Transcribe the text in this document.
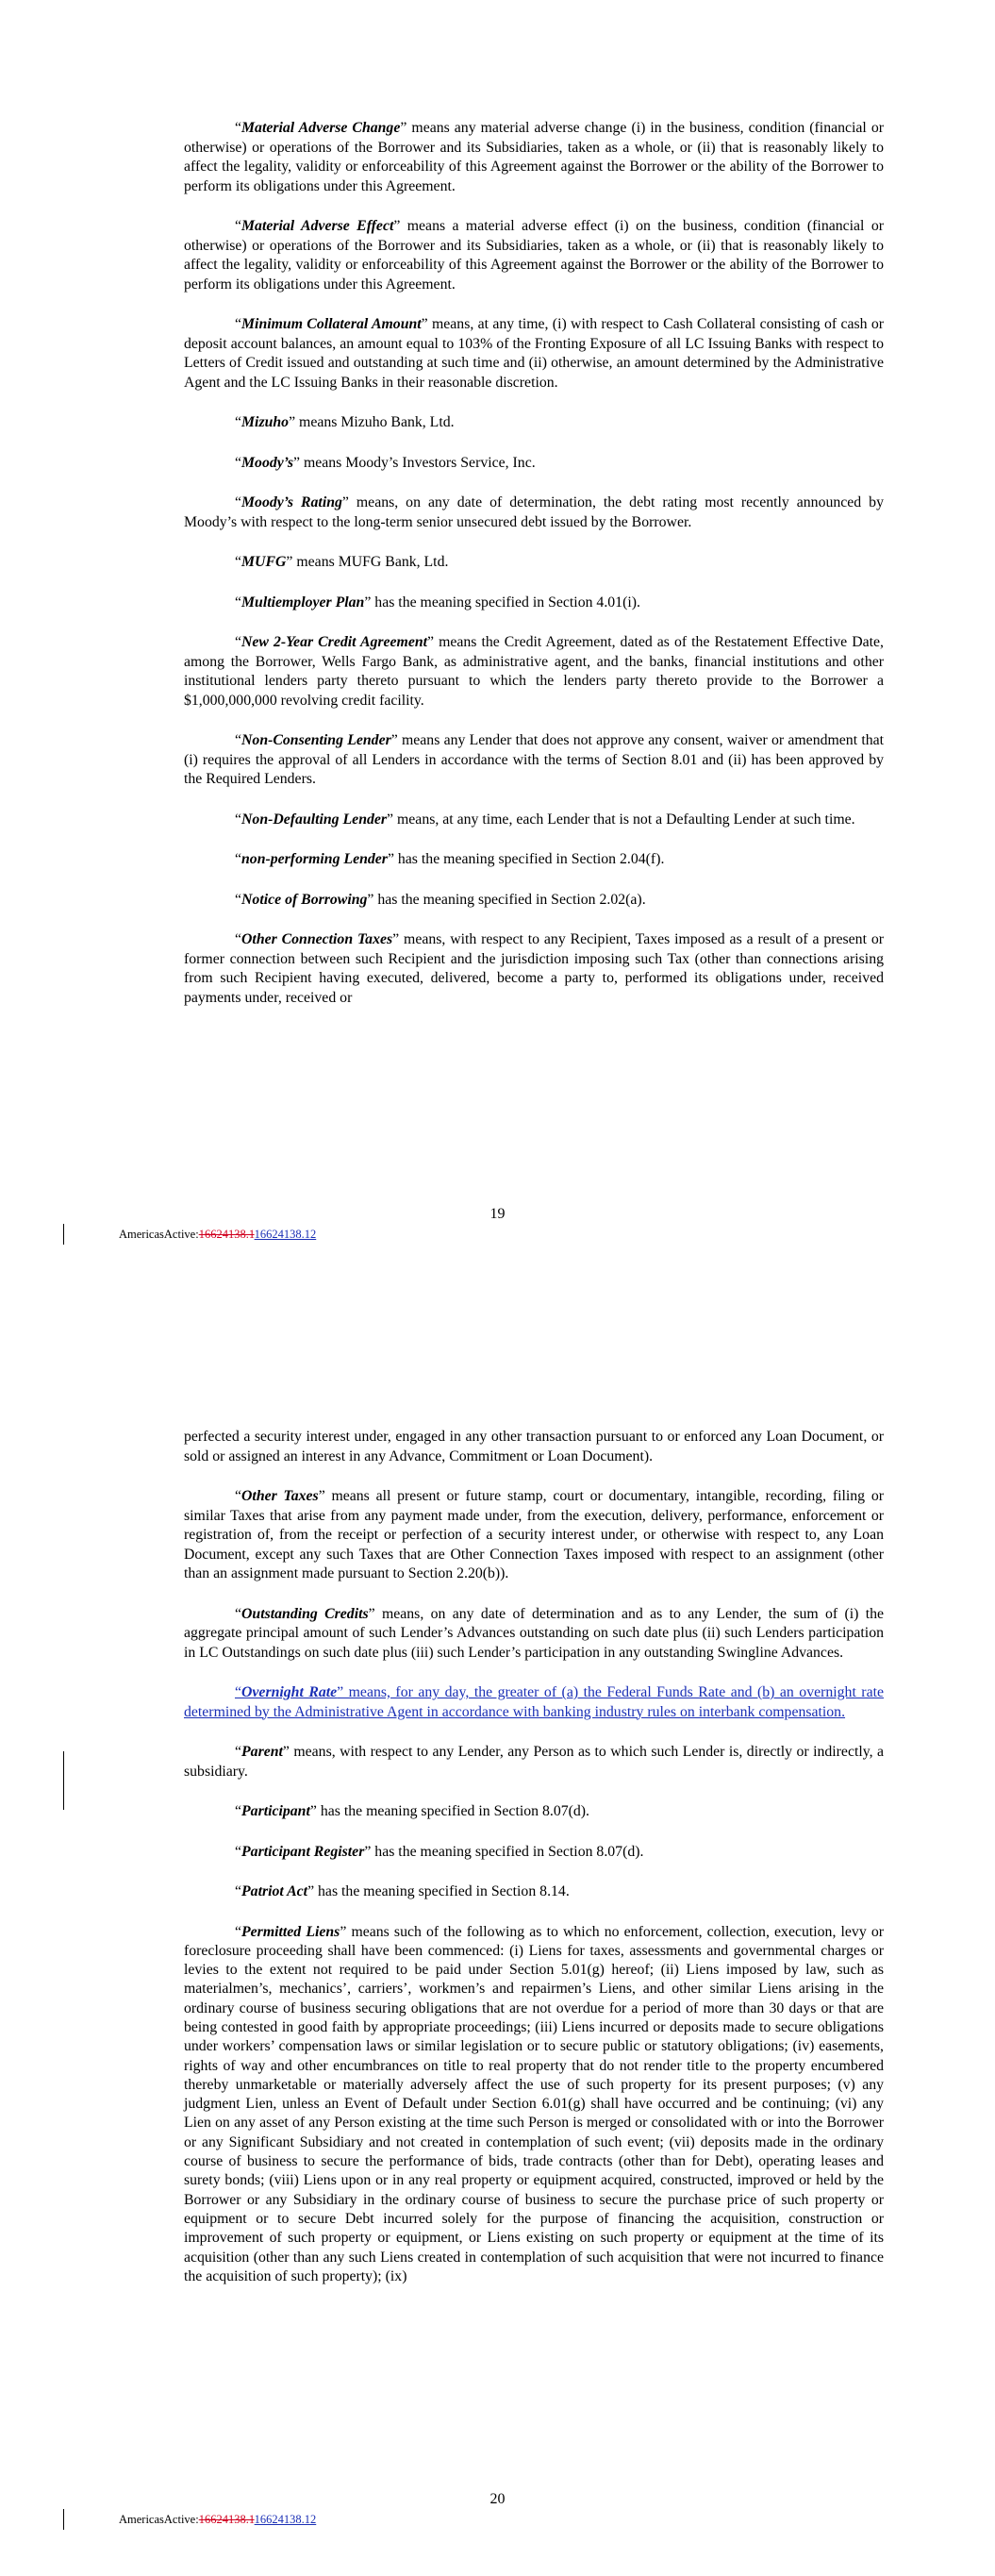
“Material Adverse Change” means any material adverse change (i) in the business, condition (financial or otherwise) or operations of the Borrower and its Subsidiaries, taken as a whole, or (ii) that is reasonably likely to affect the legality, validity or enforceability of this Agreement against the Borrower or the ability of the Borrower to perform its obligations under this Agreement.

“Material Adverse Effect” means a material adverse effect (i) on the business, condition (financial or otherwise) or operations of the Borrower and its Subsidiaries, taken as a whole, or (ii) that is reasonably likely to affect the legality, validity or enforceability of this Agreement against the Borrower or the ability of the Borrower to perform its obligations under this Agreement.

“Minimum Collateral Amount” means, at any time, (i) with respect to Cash Collateral consisting of cash or deposit account balances, an amount equal to 103% of the Fronting Exposure of all LC Issuing Banks with respect to Letters of Credit issued and outstanding at such time and (ii) otherwise, an amount determined by the Administrative Agent and the LC Issuing Banks in their reasonable discretion.

“Mizuho” means Mizuho Bank, Ltd.

“Moody’s” means Moody’s Investors Service, Inc.

“Moody’s Rating” means, on any date of determination, the debt rating most recently announced by Moody’s with respect to the long-term senior unsecured debt issued by the Borrower.

“MUFG” means MUFG Bank, Ltd.

“Multiemployer Plan” has the meaning specified in Section 4.01(i).

“New 2-Year Credit Agreement” means the Credit Agreement, dated as of the Restatement Effective Date, among the Borrower, Wells Fargo Bank, as administrative agent, and the banks, financial institutions and other institutional lenders party thereto pursuant to which the lenders party thereto provide to the Borrower a $1,000,000,000 revolving credit facility.

“Non-Consenting Lender” means any Lender that does not approve any consent, waiver or amendment that (i) requires the approval of all Lenders in accordance with the terms of Section 8.01 and (ii) has been approved by the Required Lenders.

“Non-Defaulting Lender” means, at any time, each Lender that is not a Defaulting Lender at such time.

“non-performing Lender” has the meaning specified in Section 2.04(f).

“Notice of Borrowing” has the meaning specified in Section 2.02(a).

“Other Connection Taxes” means, with respect to any Recipient, Taxes imposed as a result of a present or former connection between such Recipient and the jurisdiction imposing such Tax (other than connections arising from such Recipient having executed, delivered, become a party to, performed its obligations under, received payments under, received or

19
AmericasActive:16624138.116624138.12

perfected a security interest under, engaged in any other transaction pursuant to or enforced any Loan Document, or sold or assigned an interest in any Advance, Commitment or Loan Document).

“Other Taxes” means all present or future stamp, court or documentary, intangible, recording, filing or similar Taxes that arise from any payment made under, from the execution, delivery, performance, enforcement or registration of, from the receipt or perfection of a security interest under, or otherwise with respect to, any Loan Document, except any such Taxes that are Other Connection Taxes imposed with respect to an assignment (other than an assignment made pursuant to Section 2.20(b)).

“Outstanding Credits” means, on any date of determination and as to any Lender, the sum of (i) the aggregate principal amount of such Lender’s Advances outstanding on such date plus (ii) such Lenders participation in LC Outstandings on such date plus (iii) such Lender’s participation in any outstanding Swingline Advances.

“Overnight Rate” means, for any day, the greater of (a) the Federal Funds Rate and (b) an overnight rate determined by the Administrative Agent in accordance with banking industry rules on interbank compensation.

“Parent” means, with respect to any Lender, any Person as to which such Lender is, directly or indirectly, a subsidiary.

“Participant” has the meaning specified in Section 8.07(d).

“Participant Register” has the meaning specified in Section 8.07(d).

“Patriot Act” has the meaning specified in Section 8.14.

“Permitted Liens” means such of the following as to which no enforcement, collection, execution, levy or foreclosure proceeding shall have been commenced: (i) Liens for taxes, assessments and governmental charges or levies to the extent not required to be paid under Section 5.01(g) hereof; (ii) Liens imposed by law, such as materialmen’s, mechanics’, carriers’, workmen’s and repairmen’s Liens, and other similar Liens arising in the ordinary course of business securing obligations that are not overdue for a period of more than 30 days or that are being contested in good faith by appropriate proceedings; (iii) Liens incurred or deposits made to secure obligations under workers’ compensation laws or similar legislation or to secure public or statutory obligations; (iv) easements, rights of way and other encumbrances on title to real property that do not render title to the property encumbered thereby unmarketable or materially adversely affect the use of such property for its present purposes; (v) any judgment Lien, unless an Event of Default under Section 6.01(g) shall have occurred and be continuing; (vi) any Lien on any asset of any Person existing at the time such Person is merged or consolidated with or into the Borrower or any Significant Subsidiary and not created in contemplation of such event; (vii) deposits made in the ordinary course of business to secure the performance of bids, trade contracts (other than for Debt), operating leases and surety bonds; (viii) Liens upon or in any real property or equipment acquired, constructed, improved or held by the Borrower or any Subsidiary in the ordinary course of business to secure the purchase price of such property or equipment or to secure Debt incurred solely for the purpose of financing the acquisition, construction or improvement of such property or equipment, or Liens existing on such property or equipment at the time of its acquisition (other than any such Liens created in contemplation of such acquisition that were not incurred to finance the acquisition of such property); (ix)

20
AmericasActive:16624138.116624138.12
